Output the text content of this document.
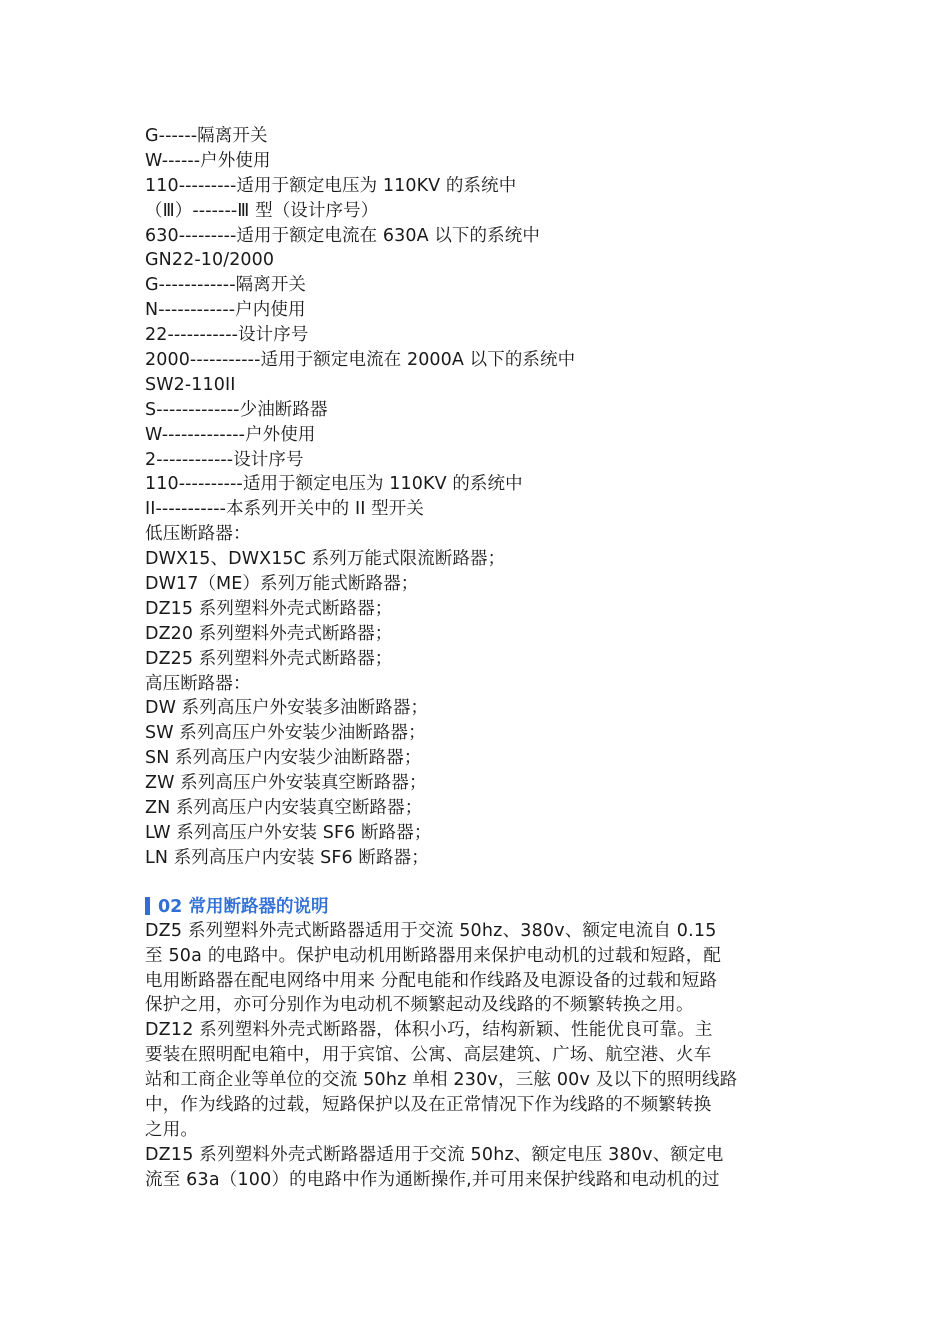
G------隔离开关
W------户外使用
110---------适用于额定电压为 110KV 的系统中
（Ⅲ）-------Ⅲ 型（设计序号）
630---------适用于额定电流在 630A 以下的系统中
GN22-10/2000
G------------隔离开关
N------------户内使用
22-----------设计序号
2000-----------适用于额定电流在 2000A 以下的系统中
SW2-110II
S-------------少油断路器
W-------------户外使用
2------------设计序号
110----------适用于额定电压为 110KV 的系统中
II-----------本系列开关中的 II 型开关
低压断路器：
DWX15、DWX15C 系列万能式限流断路器；
DW17（ME）系列万能式断路器；
DZ15 系列塑料外壳式断路器；
DZ20 系列塑料外壳式断路器；
DZ25 系列塑料外壳式断路器；
高压断路器：
DW 系列高压户外安装多油断路器；
SW 系列高压户外安装少油断路器；
SN 系列高压户内安装少油断路器；
ZW 系列高压户外安装真空断路器；
ZN 系列高压户内安装真空断路器；
LW 系列高压户外安装 SF6 断路器；
LN 系列高压户内安装 SF6 断路器；
02 常用断路器的说明

DZ5 系列塑料外壳式断路器适用于交流 50hz、380v、额定电流自 0.15
至 50a 的电路中。保护电动机用断路器用来保护电动机的过载和短路，配
电用断路器在配电网络中用来 分配电能和作线路及电源设备的过载和短路
保护之用，亦可分别作为电动机不频繁起动及线路的不频繁转换之用。

DZ12 系列塑料外壳式断路器，体积小巧，结构新颖、性能优良可靠。主
要装在照明配电箱中，用于宾馆、公寓、高层建筑、广场、航空港、火车
站和工商企业等单位的交流 50hz 单相 230v，三舷 00v 及以下的照明线路
中，作为线路的过载，短路保护以及在正常情况下作为线路的不频繁转换
之用。

DZ15 系列塑料外壳式断路器适用于交流 50hz、额定电压 380v、额定电
流至 63a（100）的电路中作为通断操作,并可用来保护线路和电动机的过
